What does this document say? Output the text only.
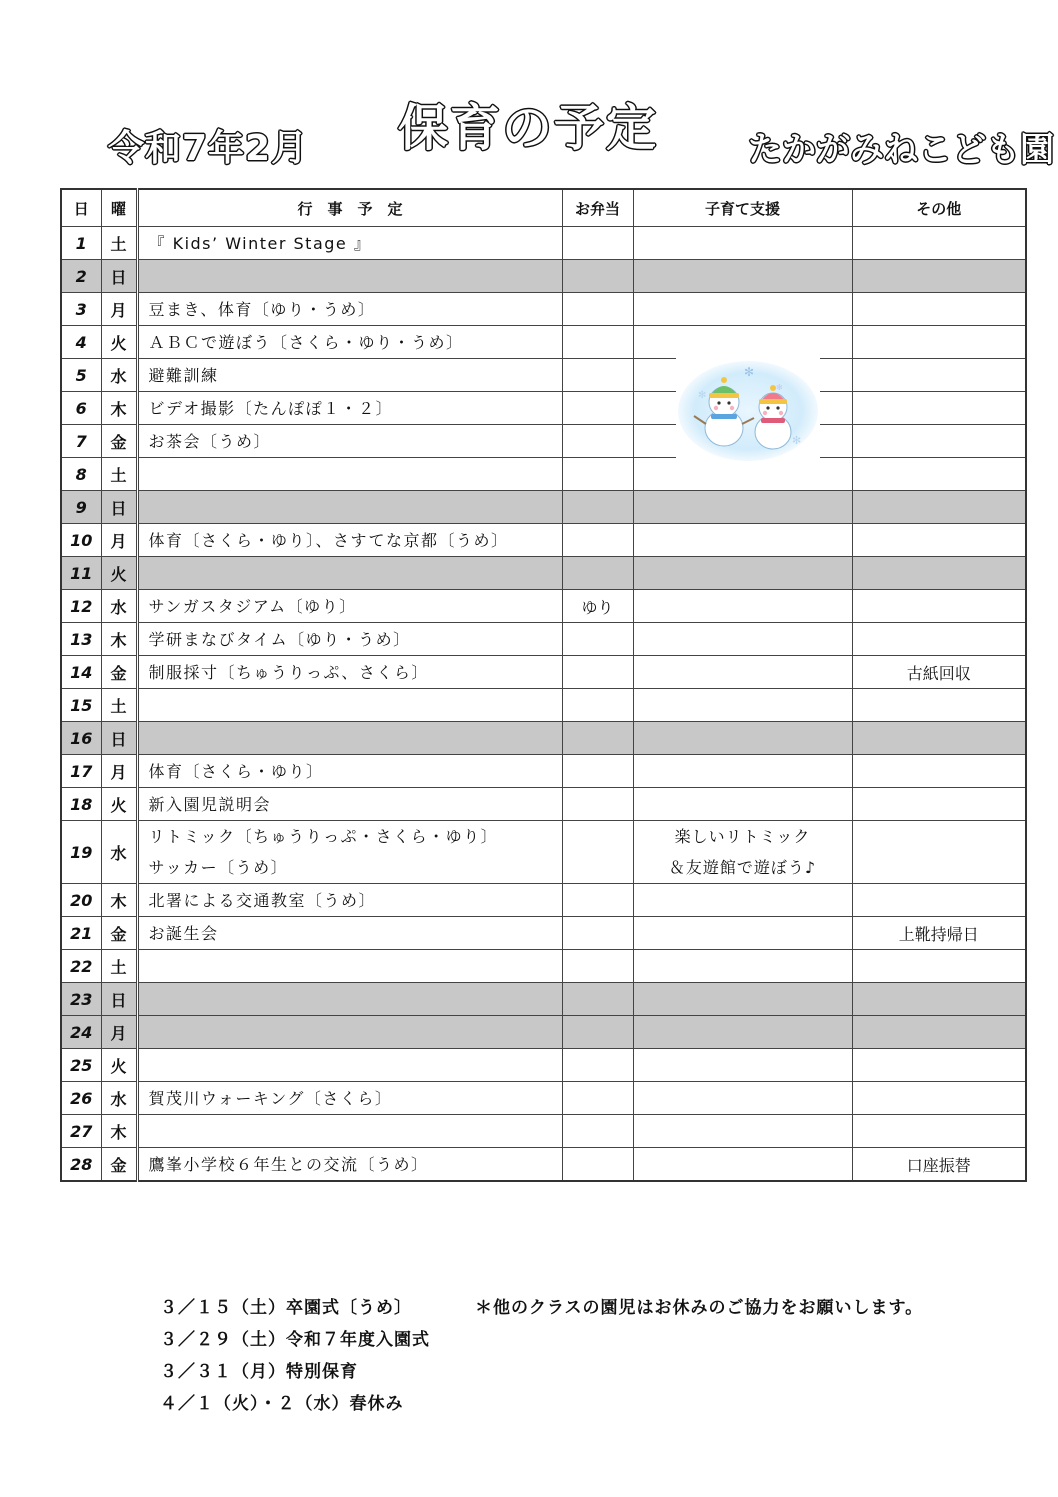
令和7年2月 保育の予定	たかがみねこども園
日	曜	行　事　予　定	お弁当	子育て支援	その他
1	土	『 Kids’ Winter Stage 』			

2	日				
3	月	豆まき、体育〔ゆり・うめ〕			

4	火	ＡＢＣで遊ぼう〔さくら・ゆり・うめ〕			

5	水	避難訓練			

6	木	ビデオ撮影〔たんぽぽ１・２〕			

7	金	お茶会〔うめ〕			

8	土				
9	日				
10	月	体育〔さくら・ゆり〕、さすてな京都〔うめ〕			

11	火				
12	水	サンガスタジアム〔ゆり〕	ゆり		
13	木	学研まなびタイム〔ゆり・うめ〕			

14	金	制服採寸〔ちゅうりっぷ、さくら〕			古紙回収
15	土				
16	日				
17	月	体育〔さくら・ゆり〕			

18	火	新入園児説明会			

19	水	リトミック〔ちゅうりっぷ・さくら・ゆり〕
サッカー〔うめ〕		楽しいリトミック
＆友遊館で遊ぼう♪	

20	木	北署による交通教室〔うめ〕			

21	金	お誕生会			上靴持帰日
22	土				
23	日				
24	月				
25	火				
26	水	賀茂川ウォーキング〔さくら〕			

27	木				
28	金	鷹峯小学校６年生との交流〔うめ〕			口座振替
✻
✻
✻
✻
３／１５（土）卒園式〔うめ〕
３／２９（土）令和７年度入園式
３／３１（月）特別保育
４／１（火）・２（水）春休み
＊他のクラスの園児はお休みのご協力をお願いします。
